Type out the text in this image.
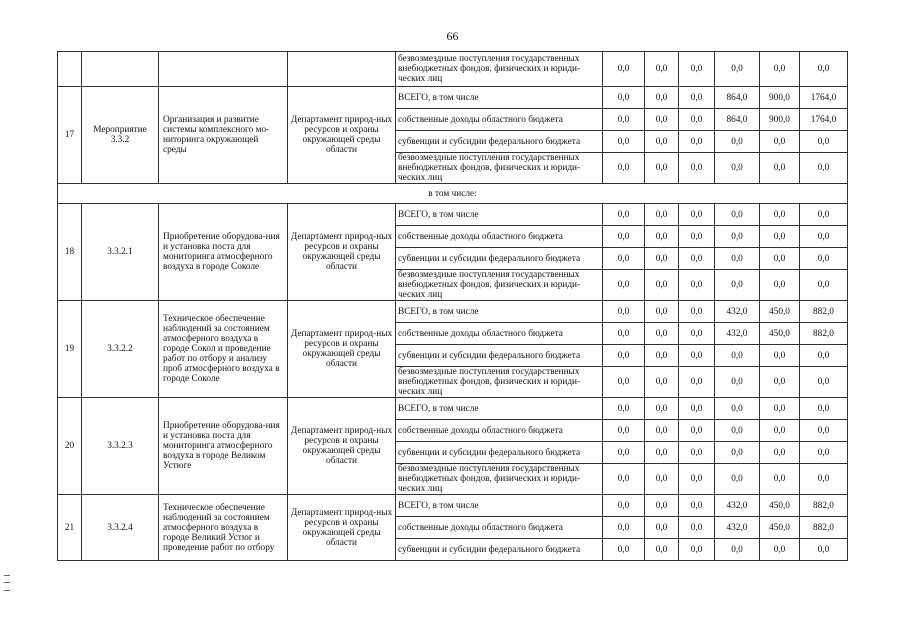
66
				безвозмездные поступления государственных внебюджетных фондов, физических и юриди-ческих лиц	0,0	0,0	0,0	0,0	0,0	0,0
17	Мероприятие 3.3.2	Организация и развитие системы комплексного мо-ниторинга окружающей среды	Департамент природ-ных ресурсов и охраны окружающей среды области	ВСЕГО, в том числе	0,0	0,0	0,0	864,0	900,0	1764,0
				собственные доходы областного бюджета	0,0	0,0	0,0	864,0	900,0	1764,0
				субвенции и субсидии федерального бюджета	0,0	0,0	0,0	0,0	0,0	0,0
				безвозмездные поступления государственных внебюджетных фондов, физических и юриди-ческих лиц	0,0	0,0	0,0	0,0	0,0	0,0
в том числе:										
18	3.3.2.1	Приобретение оборудова-ния и установка поста для мониторинга атмосферного воздуха в городе Соколе	Департамент природ-ных ресурсов и охраны окружающей среды области	ВСЕГО, в том числе	0,0	0,0	0,0	0,0	0,0	0,0
				собственные доходы областного бюджета	0,0	0,0	0,0	0,0	0,0	0,0
				субвенции и субсидии федерального бюджета	0,0	0,0	0,0	0,0	0,0	0,0
				безвозмездные поступления государственных внебюджетных фондов, физических и юриди-ческих лиц	0,0	0,0	0,0	0,0	0,0	0,0
19	3.3.2.2	Техническое обеспечение наблюдений за состоянием атмосферного воздуха в городе Сокол и проведение работ по отбору и анализу проб атмосферного воздуха в городе Соколе	Департамент природ-ных ресурсов и охраны окружающей среды области	ВСЕГО, в том числе	0,0	0,0	0,0	432,0	450,0	882,0
				собственные доходы областного бюджета	0,0	0,0	0,0	432,0	450,0	882,0
				субвенции и субсидии федерального бюджета	0,0	0,0	0,0	0,0	0,0	0,0
				безвозмездные поступления государственных внебюджетных фондов, физических и юриди-ческих лиц	0,0	0,0	0,0	0,0	0,0	0,0
20	3.3.2.3	Приобретение оборудова-ния и установка поста для мониторинга атмосферного воздуха в городе Великом Устюге	Департамент природ-ных ресурсов и охраны окружающей среды области	ВСЕГО, в том числе	0,0	0,0	0,0	0,0	0,0	0,0
				собственные доходы областного бюджета	0,0	0,0	0,0	0,0	0,0	0,0
				субвенции и субсидии федерального бюджета	0,0	0,0	0,0	0,0	0,0	0,0
				безвозмездные поступления государственных внебюджетных фондов, физических и юриди-ческих лиц	0,0	0,0	0,0	0,0	0,0	0,0
21	3.3.2.4	Техническое обеспечение наблюдений за состоянием атмосферного воздуха в городе Великий Устюг и проведение работ по отбору	Департамент природ-ных ресурсов и охраны окружающей среды области	ВСЕГО, в том числе	0,0	0,0	0,0	432,0	450,0	882,0
				собственные доходы областного бюджета	0,0	0,0	0,0	432,0	450,0	882,0
				субвенции и субсидии федерального бюджета	0,0	0,0	0,0	0,0	0,0	0,0
